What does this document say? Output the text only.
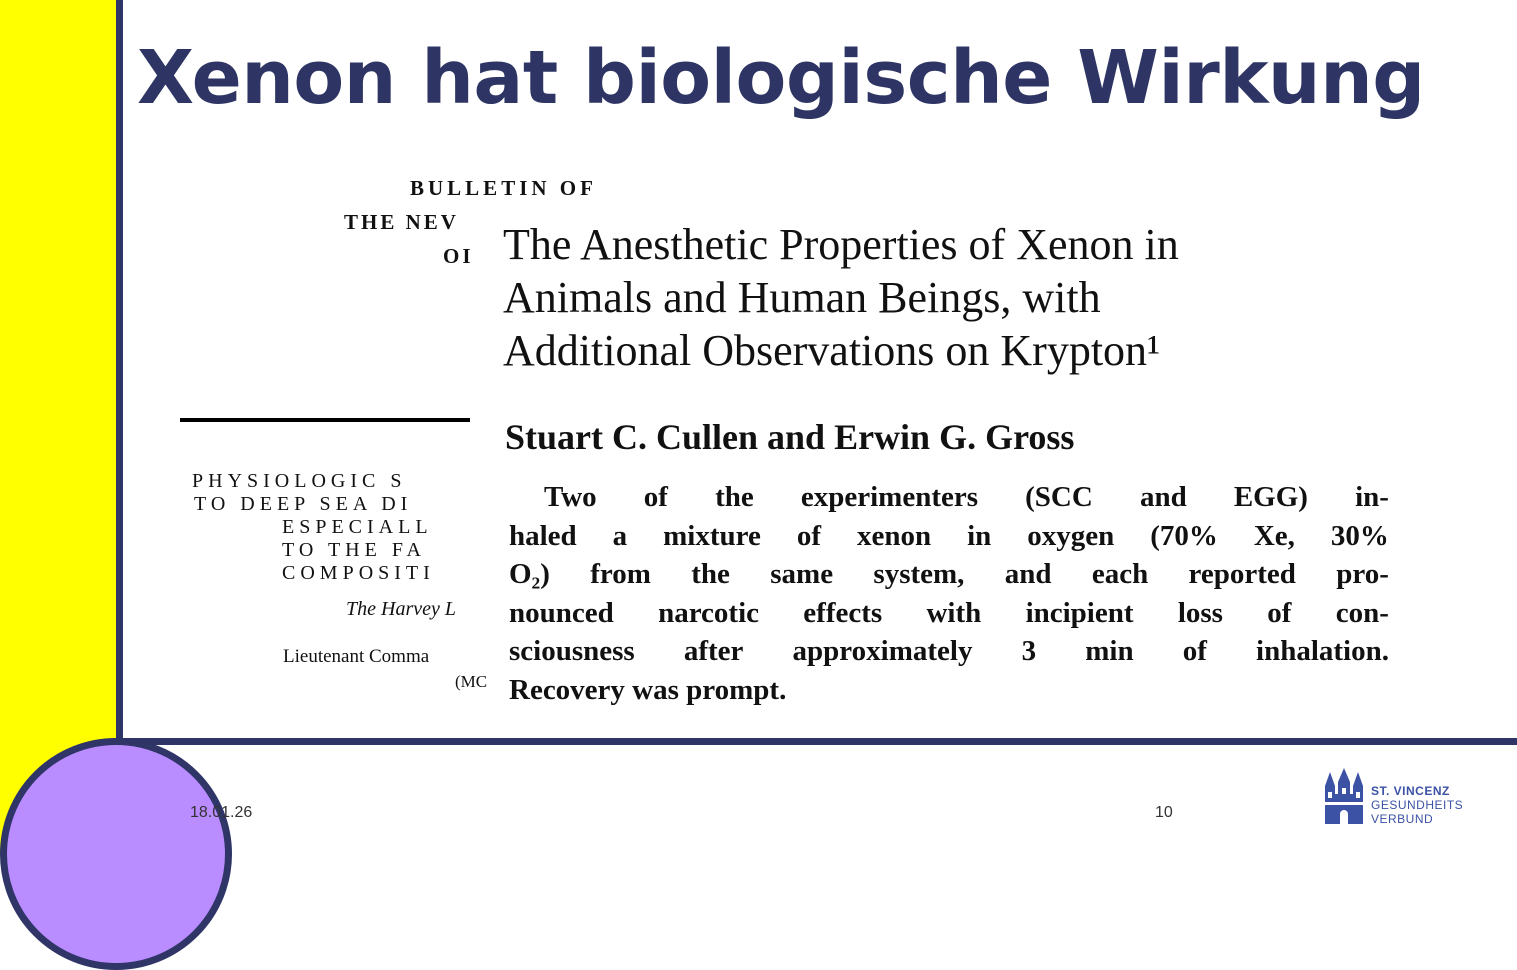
Xenon hat biologische Wirkung
BULLETIN OF
THE NEV
OI
PHYSIOLOGIC S
TO DEEP SEA DI
ESPECIALL
TO THE FA
COMPOSITI
The Harvey L
Lieutenant Comma
(MC
The Anesthetic Properties of Xenon in
Animals and Human Beings, with
Additional Observations on Krypton¹
Stuart C. Cullen and Erwin G. Gross
Two of the experimenters (SCC and EGG) in-
haled a mixture of xenon in oxygen (70% Xe, 30%
O₂) from the same system, and each reported pro-
nounced narcotic effects with incipient loss of con-
sciousness after approximately 3 min of inhalation.
Recovery was prompt.
18.01.26	10
ST. VINCENZ
GESUNDHEITS
VERBUND
